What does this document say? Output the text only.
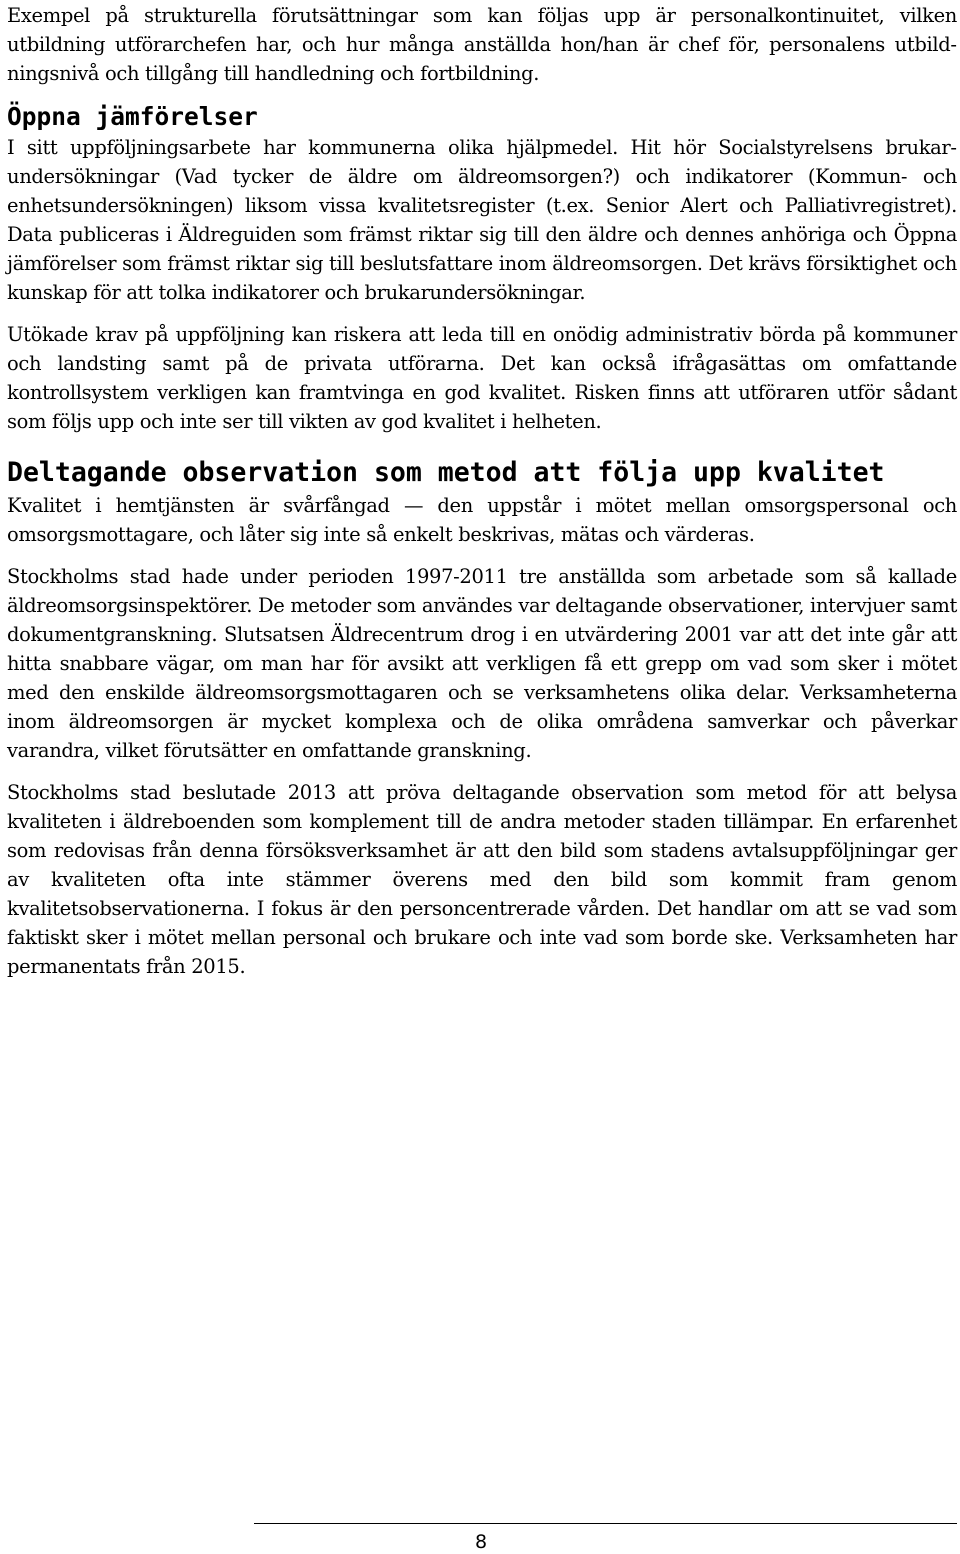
Exempel på strukturella förutsättningar som kan följas upp är personalkontinuitet, vilken utbildning utförarchefen har, och hur många anställda hon/han är chef för, personalens utbildningsnivå och tillgång till handledning och fortbildning.

Öppna jämförelser

I sitt uppföljningsarbete har kommunerna olika hjälpmedel. Hit hör Socialstyrelsens brukarundersökningar (Vad tycker de äldre om äldreomsorgen?) och indikatorer (Kommun- och enhetsundersökningen) liksom vissa kvalitetsregister (t.ex. Senior Alert och Palliativregistret). Data publiceras i Äldreguiden som främst riktar sig till den äldre och dennes anhöriga och Öppna jämförelser som främst riktar sig till beslutsfattare inom äldreomsorgen. Det krävs försiktighet och kunskap för att tolka indikatorer och brukarundersökningar.

Utökade krav på uppföljning kan riskera att leda till en onödig administrativ börda på kommuner och landsting samt på de privata utförarna. Det kan också ifrågasättas om omfattande kontrollsystem verkligen kan framtvinga en god kvalitet. Risken finns att utföraren utför sådant som följs upp och inte ser till vikten av god kvalitet i helheten.

Deltagande observation som metod att följa upp kvalitet

Kvalitet i hemtjänsten är svårfångad — den uppstår i mötet mellan omsorgspersonal och omsorgsmottagare, och låter sig inte så enkelt beskrivas, mätas och värderas.

Stockholms stad hade under perioden 1997-2011 tre anställda som arbetade som så kallade äldreomsorgsinspektörer. De metoder som användes var deltagande observationer, intervjuer samt dokumentgranskning. Slutsatsen Äldrecentrum drog i en utvärdering 2001 var att det inte går att hitta snabbare vägar, om man har för avsikt att verkligen få ett grepp om vad som sker i mötet med den enskilde äldreomsorgsmottagaren och se verksamhetens olika delar. Verksamheterna inom äldreomsorgen är mycket komplexa och de olika områdena samverkar och påverkar varandra, vilket förutsätter en omfattande granskning.

Stockholms stad beslutade 2013 att pröva deltagande observation som metod för att belysa kvaliteten i äldreboenden som komplement till de andra metoder staden tillämpar. En erfarenhet som redovisas från denna försöksverksamhet är att den bild som stadens avtalsuppföljningar ger av kvaliteten ofta inte stämmer överens med den bild som kommit fram genom kvalitetsobservationerna. I fokus är den personcentrerade vården. Det handlar om att se vad som faktiskt sker i mötet mellan personal och brukare och inte vad som borde ske. Verksamheten har permanentats från 2015.

8
